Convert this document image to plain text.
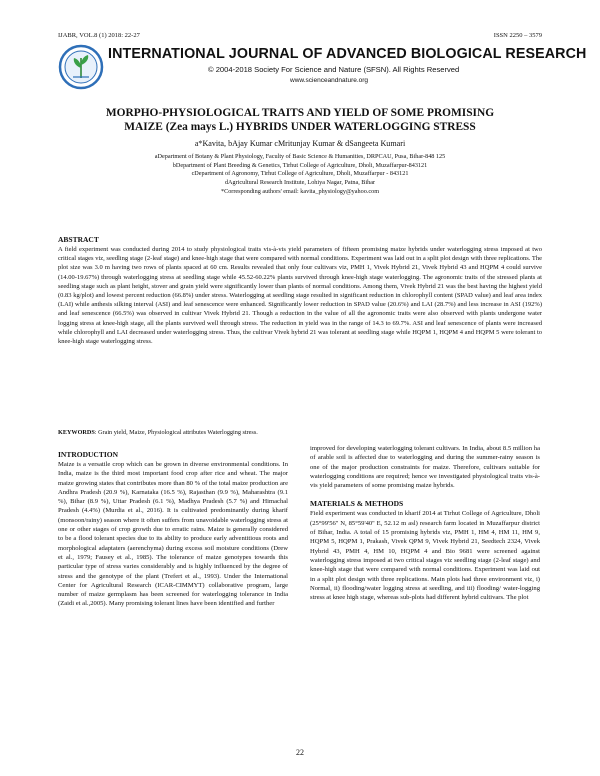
IJABR, VOL.8 (1) 2018: 22-27	ISSN 2250 – 3579
INTERNATIONAL JOURNAL OF ADVANCED BIOLOGICAL RESEARCH
© 2004-2018 Society For Science and Nature (SFSN). All Rights Reserved
www.scienceandnature.org
MORPHO-PHYSIOLOGICAL TRAITS AND YIELD OF SOME PROMISING
MAIZE (Zea mays L.) HYBRIDS UNDER WATERLOGGING STRESS
a*Kavita, bAjay Kumar cMritunjay Kumar & dSangeeta Kumari
aDepartment of Botany & Plant Physiology, Faculty of Basic Science & Humanities, DRPCAU, Pusa, Bihar-848 125
bDepartment of Plant Breeding & Genetics, Tirhut College of Agriculture, Dholi, Muzaffarpur-843121
cDepartment of Agronomy, Tirhut College of Agriculture, Dholi, Muzaffarpur - 843121
dAgricultural Research Institute, Lohiya Nagar, Patna, Bihar
*Corresponding authors' email: kavita_physiology@yahoo.com
ABSTRACT

A field experiment was conducted during 2014 to study physiological traits vis-à-vis yield parameters of fifteen promising maize hybrids under waterlogging stress imposed at two critical stages viz, seedling stage (2-leaf stage) and knee-high stage that were compared with normal conditions. Experiment was laid out in a split plot design with three replications. The plot size was 3.0 m having two rows of plants spaced at 60 cm. Results revealed that only four cultivars viz, PMH 1, Vivek Hybrid 21, Vivek Hybrid 43 and HQPM 4 could survive (14.00-19.67%) through waterlogging stress at seedling stage while 45.52-60.22% plants survived through knee-high stage waterlogging. The agronomic traits of the stressed plants at seedling stage such as plant height, stover and grain yield were significantly lower than plants of normal conditions. Among them, Vivek Hybrid 21 was the best having the highest yield (0.83 kg/plot) and lowest percent reduction (66.8%) under stress. Waterlogging at seedling stage resulted in significant reduction in chlorophyll content (SPAD value) and leaf area index (LAI) while anthesis silking interval (ASI) and leaf senescence were enhanced. Significantly lower reduction in SPAD value (20.6%) and LAI (28.7%) and less increase in ASI (192%) and leaf senescence (66.5%) was observed in cultivar Vivek Hybrid 21. Though a reduction in the value of all the agronomic traits were also observed with plants undergone water logging stress at knee-high stage, all the plants survived well through stress. The reduction in yield was in the range of 14.3 to 69.7%. ASI and leaf senescence of plants were increased while chlorophyll and LAI decreased under waterlogging stress. Thus, the cultivar Vivek hybrid 21 was tolerant at seedling stage while HQPM 1, HQPM 4 and HQPM 5 were tolerant to knee-high stage waterlogging stress.

KEYWORDS: Grain yield, Maize, Physiological attributes Waterlogging stress.
INTRODUCTION

Maize is a versatile crop which can be grown in diverse environmental conditions. In India, maize is the third most important food crop after rice and wheat. The major maize growing states that contributes more than 80 % of the total maize production are Andhra Pradesh (20.9 %), Karnataka (16.5 %), Rajasthan (9.9 %), Maharashtra (9.1 %), Bihar (8.9 %), Uttar Pradesh (6.1 %), Madhya Pradesh (5.7 %) and Himachal Pradesh (4.4%) (Murdia et al., 2016). It is cultivated predominantly during kharif (monsoon/rainy) season where it often suffers from unavoidable waterlogging stress at one or other stages of crop growth due to erratic rains. Maize is generally considered to be a flood tolerant species due to its ability to produce early adventitious roots and morphological adaptaters (aerenchyma) during excess soil moisture conditions (Drew et al., 1979; Fausey et al., 1985). The tolerance of maize genotypes towards this particular type of stress varies considerably and is highly influenced by the degree of stress and the genotype of the plant (Trefert et al., 1993). Under the International Center for Agricultural Research (ICAR-CIMMYT) collaborative program, large number of maize germplasm has been screened for waterlogging tolerance in India (Zaidi et al.,2005). Many promising tolerant lines have been identified and further

improved for developing waterlogging tolerant cultivars. In India, about 8.5 million ha of arable soil is affected due to waterlogging and during the summer-rainy season is one of the major production constraints for maize. Therefore, cultivars suitable for waterlogging conditions are required; hence we investigated physiological traits vis-à-vis yield parameters of some promising maize hybrids.

MATERIALS & METHODS

Field experiment was conducted in kharif 2014 at Tirhut College of Agriculture, Dholi (25°99'56'' N, 85°59'40'' E, 52.12 m asl) research farm located in Muzaffarpur district of Bihar, India. A total of 15 promising hybrids viz, PMH 1, HM 4, HM 11, HM 9, HQPM 5, HQPM 1, Prakash, Vivek QPM 9, Vivek Hybrid 21, Seedtech 2324, Vivek Hybrid 43, PMH 4, HM 10, HQPM 4 and Bio 9681 were screened against waterlogging stress imposed at two critical stages viz seedling stage (2-leaf stage) and knee-high stage that were compared with normal conditions. Experiment was laid out in a split plot design with three replications. Main plots had three environment viz, i) Normal, ii) flooding/water logging stress at seedling, and iii) flooding/ water-logging stress at knee high stage, whereas sub-plots had different hybrid cultivars. The plot

22
